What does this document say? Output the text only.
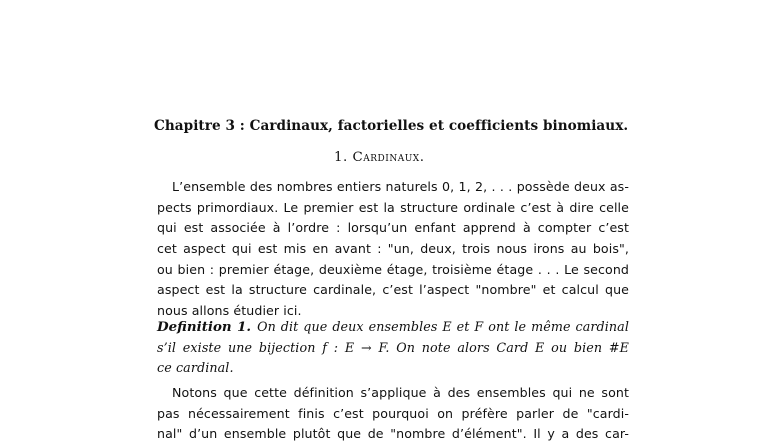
Chapitre 3 : Cardinaux, factorielles et coefficients binomiaux.
1. Cardinaux.
L’ensemble des nombres entiers naturels 0, 1, 2, . . . possède deux as-
pects primordiaux. Le premier est la structure ordinale c’est à dire celle
qui est associée à l’ordre : lorsqu’un enfant apprend à compter c’est
cet aspect qui est mis en avant : "un, deux, trois nous irons au bois",
ou bien : premier étage, deuxième étage, troisième étage . . . Le second
aspect est la structure cardinale, c’est l’aspect "nombre" et calcul que
nous allons étudier ici.
Definition 1. On dit que deux ensembles E et F ont le même cardinal
s’il existe une bijection f : E → F. On note alors Card E ou bien #E
ce cardinal.
Notons que cette définition s’applique à des ensembles qui ne sont
pas nécessairement finis c’est pourquoi on préfère parler de "cardi-
nal" d’un ensemble plutôt que de "nombre d’élément". Il y a des car-
